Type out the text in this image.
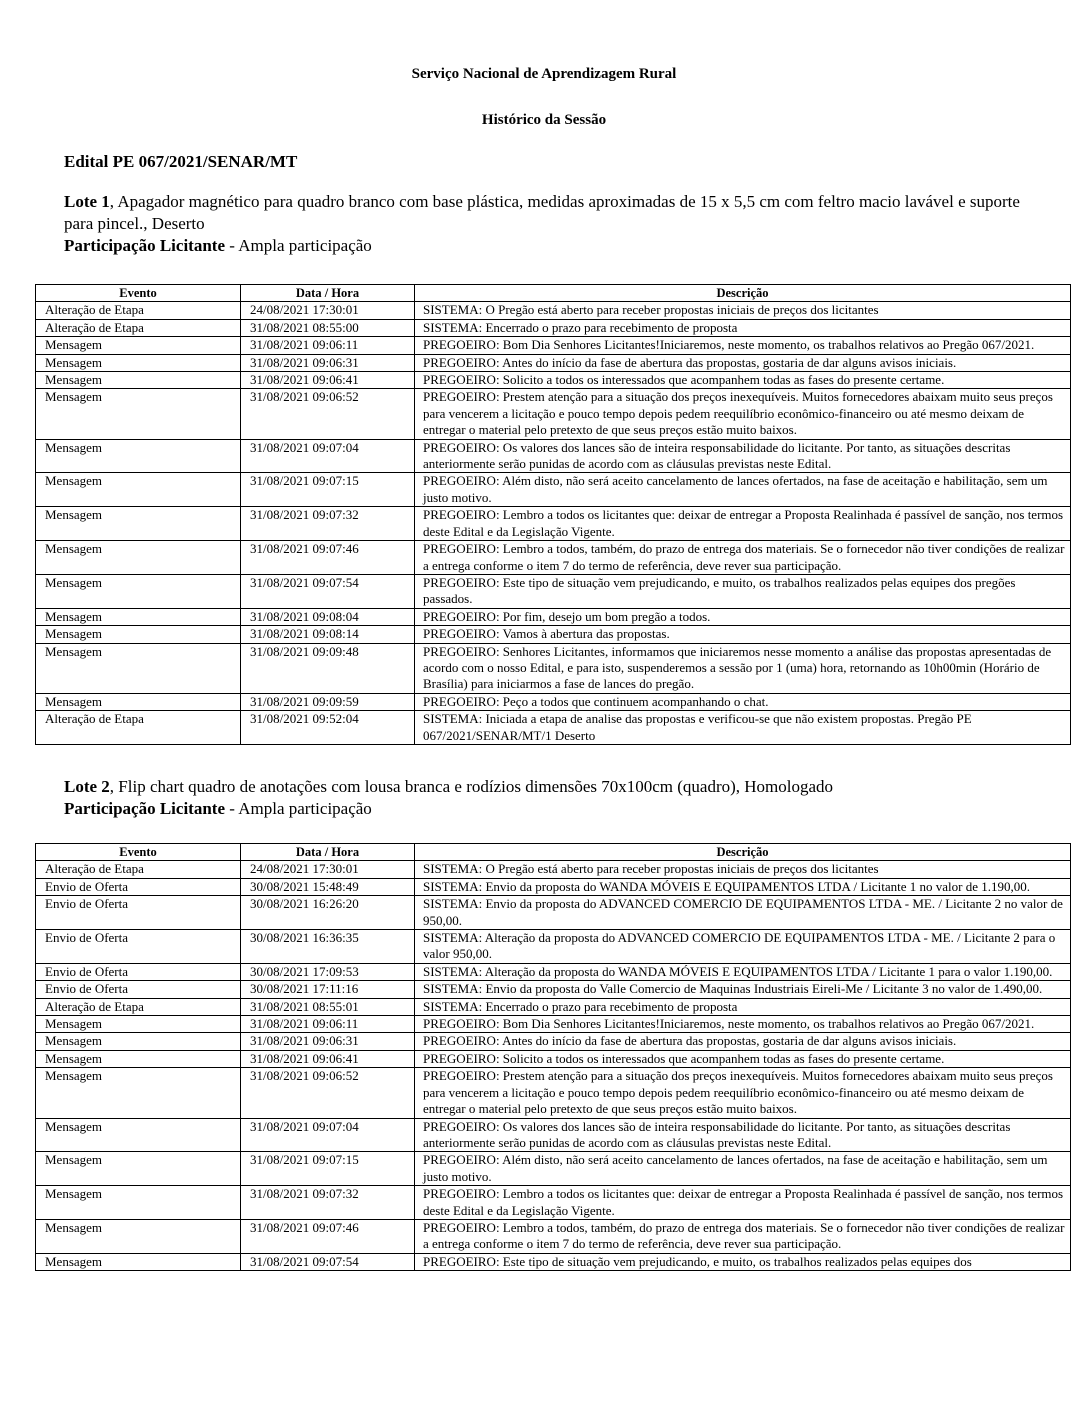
Serviço Nacional de Aprendizagem Rural
Histórico da Sessão
Edital PE 067/2021/SENAR/MT
Lote 1, Apagador magnético para quadro branco com base plástica, medidas aproximadas de 15 x 5,5 cm com feltro macio lavável e suporte para pincel., Deserto
Participação Licitante - Ampla participação
Evento	Data / Hora	Descrição
Alteração de Etapa	24/08/2021 17:30:01	SISTEMA: O Pregão está aberto para receber propostas iniciais de preços dos licitantes
Alteração de Etapa	31/08/2021 08:55:00	SISTEMA: Encerrado o prazo para recebimento de proposta
Mensagem	31/08/2021 09:06:11	PREGOEIRO: Bom Dia Senhores Licitantes!Iniciaremos, neste momento, os trabalhos relativos ao Pregão 067/2021.
Mensagem	31/08/2021 09:06:31	PREGOEIRO: Antes do início da fase de abertura das propostas, gostaria de dar alguns avisos iniciais.
Mensagem	31/08/2021 09:06:41	PREGOEIRO: Solicito a todos os interessados que acompanhem todas as fases do presente certame.
Mensagem	31/08/2021 09:06:52	PREGOEIRO: Prestem atenção para a situação dos preços inexequíveis. Muitos fornecedores abaixam muito seus preços para vencerem a licitação e pouco tempo depois pedem reequilíbrio econômico-financeiro ou até mesmo deixam de entregar o material pelo pretexto de que seus preços estão muito baixos.
Mensagem	31/08/2021 09:07:04	PREGOEIRO: Os valores dos lances são de inteira responsabilidade do licitante. Por tanto, as situações descritas anteriormente serão punidas de acordo com as cláusulas previstas neste Edital.
Mensagem	31/08/2021 09:07:15	PREGOEIRO: Além disto, não será aceito cancelamento de lances ofertados, na fase de aceitação e habilitação, sem um justo motivo.
Mensagem	31/08/2021 09:07:32	PREGOEIRO: Lembro a todos os licitantes que: deixar de entregar a Proposta Realinhada é passível de sanção, nos termos deste Edital e da Legislação Vigente.
Mensagem	31/08/2021 09:07:46	PREGOEIRO: Lembro a todos, também, do prazo de entrega dos materiais. Se o fornecedor não tiver condições de realizar a entrega conforme o item 7 do termo de referência, deve rever sua participação.
Mensagem	31/08/2021 09:07:54	PREGOEIRO: Este tipo de situação vem prejudicando, e muito, os trabalhos realizados pelas equipes dos pregões passados.
Mensagem	31/08/2021 09:08:04	PREGOEIRO: Por fim, desejo um bom pregão a todos.
Mensagem	31/08/2021 09:08:14	PREGOEIRO: Vamos à abertura das propostas.
Mensagem	31/08/2021 09:09:48	PREGOEIRO: Senhores Licitantes, informamos que iniciaremos nesse momento a análise das propostas apresentadas de acordo com o nosso Edital, e para isto, suspenderemos a sessão por 1 (uma) hora, retornando as 10h00min (Horário de Brasília) para iniciarmos a fase de lances do pregão.
Mensagem	31/08/2021 09:09:59	PREGOEIRO: Peço a todos que continuem acompanhando o chat.
Alteração de Etapa	31/08/2021 09:52:04	SISTEMA: Iniciada a etapa de analise das propostas e verificou-se que não existem propostas. Pregão PE 067/2021/SENAR/MT/1 Deserto
Lote 2, Flip chart quadro de anotações com lousa branca e rodízios dimensões 70x100cm (quadro), Homologado
Participação Licitante - Ampla participação
Evento	Data / Hora	Descrição
Alteração de Etapa	24/08/2021 17:30:01	SISTEMA: O Pregão está aberto para receber propostas iniciais de preços dos licitantes
Envio de Oferta	30/08/2021 15:48:49	SISTEMA: Envio da proposta do WANDA MÓVEIS E EQUIPAMENTOS LTDA / Licitante 1 no valor de 1.190,00.
Envio de Oferta	30/08/2021 16:26:20	SISTEMA: Envio da proposta do ADVANCED COMERCIO DE EQUIPAMENTOS LTDA - ME. / Licitante 2 no valor de 950,00.
Envio de Oferta	30/08/2021 16:36:35	SISTEMA: Alteração da proposta do ADVANCED COMERCIO DE EQUIPAMENTOS LTDA - ME. / Licitante 2 para o valor 950,00.
Envio de Oferta	30/08/2021 17:09:53	SISTEMA: Alteração da proposta do WANDA MÓVEIS E EQUIPAMENTOS LTDA / Licitante 1 para o valor 1.190,00.
Envio de Oferta	30/08/2021 17:11:16	SISTEMA: Envio da proposta do Valle Comercio de Maquinas Industriais Eireli-Me / Licitante 3 no valor de 1.490,00.
Alteração de Etapa	31/08/2021 08:55:01	SISTEMA: Encerrado o prazo para recebimento de proposta
Mensagem	31/08/2021 09:06:11	PREGOEIRO: Bom Dia Senhores Licitantes!Iniciaremos, neste momento, os trabalhos relativos ao Pregão 067/2021.
Mensagem	31/08/2021 09:06:31	PREGOEIRO: Antes do início da fase de abertura das propostas, gostaria de dar alguns avisos iniciais.
Mensagem	31/08/2021 09:06:41	PREGOEIRO: Solicito a todos os interessados que acompanhem todas as fases do presente certame.
Mensagem	31/08/2021 09:06:52	PREGOEIRO: Prestem atenção para a situação dos preços inexequíveis. Muitos fornecedores abaixam muito seus preços para vencerem a licitação e pouco tempo depois pedem reequilíbrio econômico-financeiro ou até mesmo deixam de entregar o material pelo pretexto de que seus preços estão muito baixos.
Mensagem	31/08/2021 09:07:04	PREGOEIRO: Os valores dos lances são de inteira responsabilidade do licitante. Por tanto, as situações descritas anteriormente serão punidas de acordo com as cláusulas previstas neste Edital.
Mensagem	31/08/2021 09:07:15	PREGOEIRO: Além disto, não será aceito cancelamento de lances ofertados, na fase de aceitação e habilitação, sem um justo motivo.
Mensagem	31/08/2021 09:07:32	PREGOEIRO: Lembro a todos os licitantes que: deixar de entregar a Proposta Realinhada é passível de sanção, nos termos deste Edital e da Legislação Vigente.
Mensagem	31/08/2021 09:07:46	PREGOEIRO: Lembro a todos, também, do prazo de entrega dos materiais. Se o fornecedor não tiver condições de realizar a entrega conforme o item 7 do termo de referência, deve rever sua participação.
Mensagem	31/08/2021 09:07:54	PREGOEIRO: Este tipo de situação vem prejudicando, e muito, os trabalhos realizados pelas equipes dos
